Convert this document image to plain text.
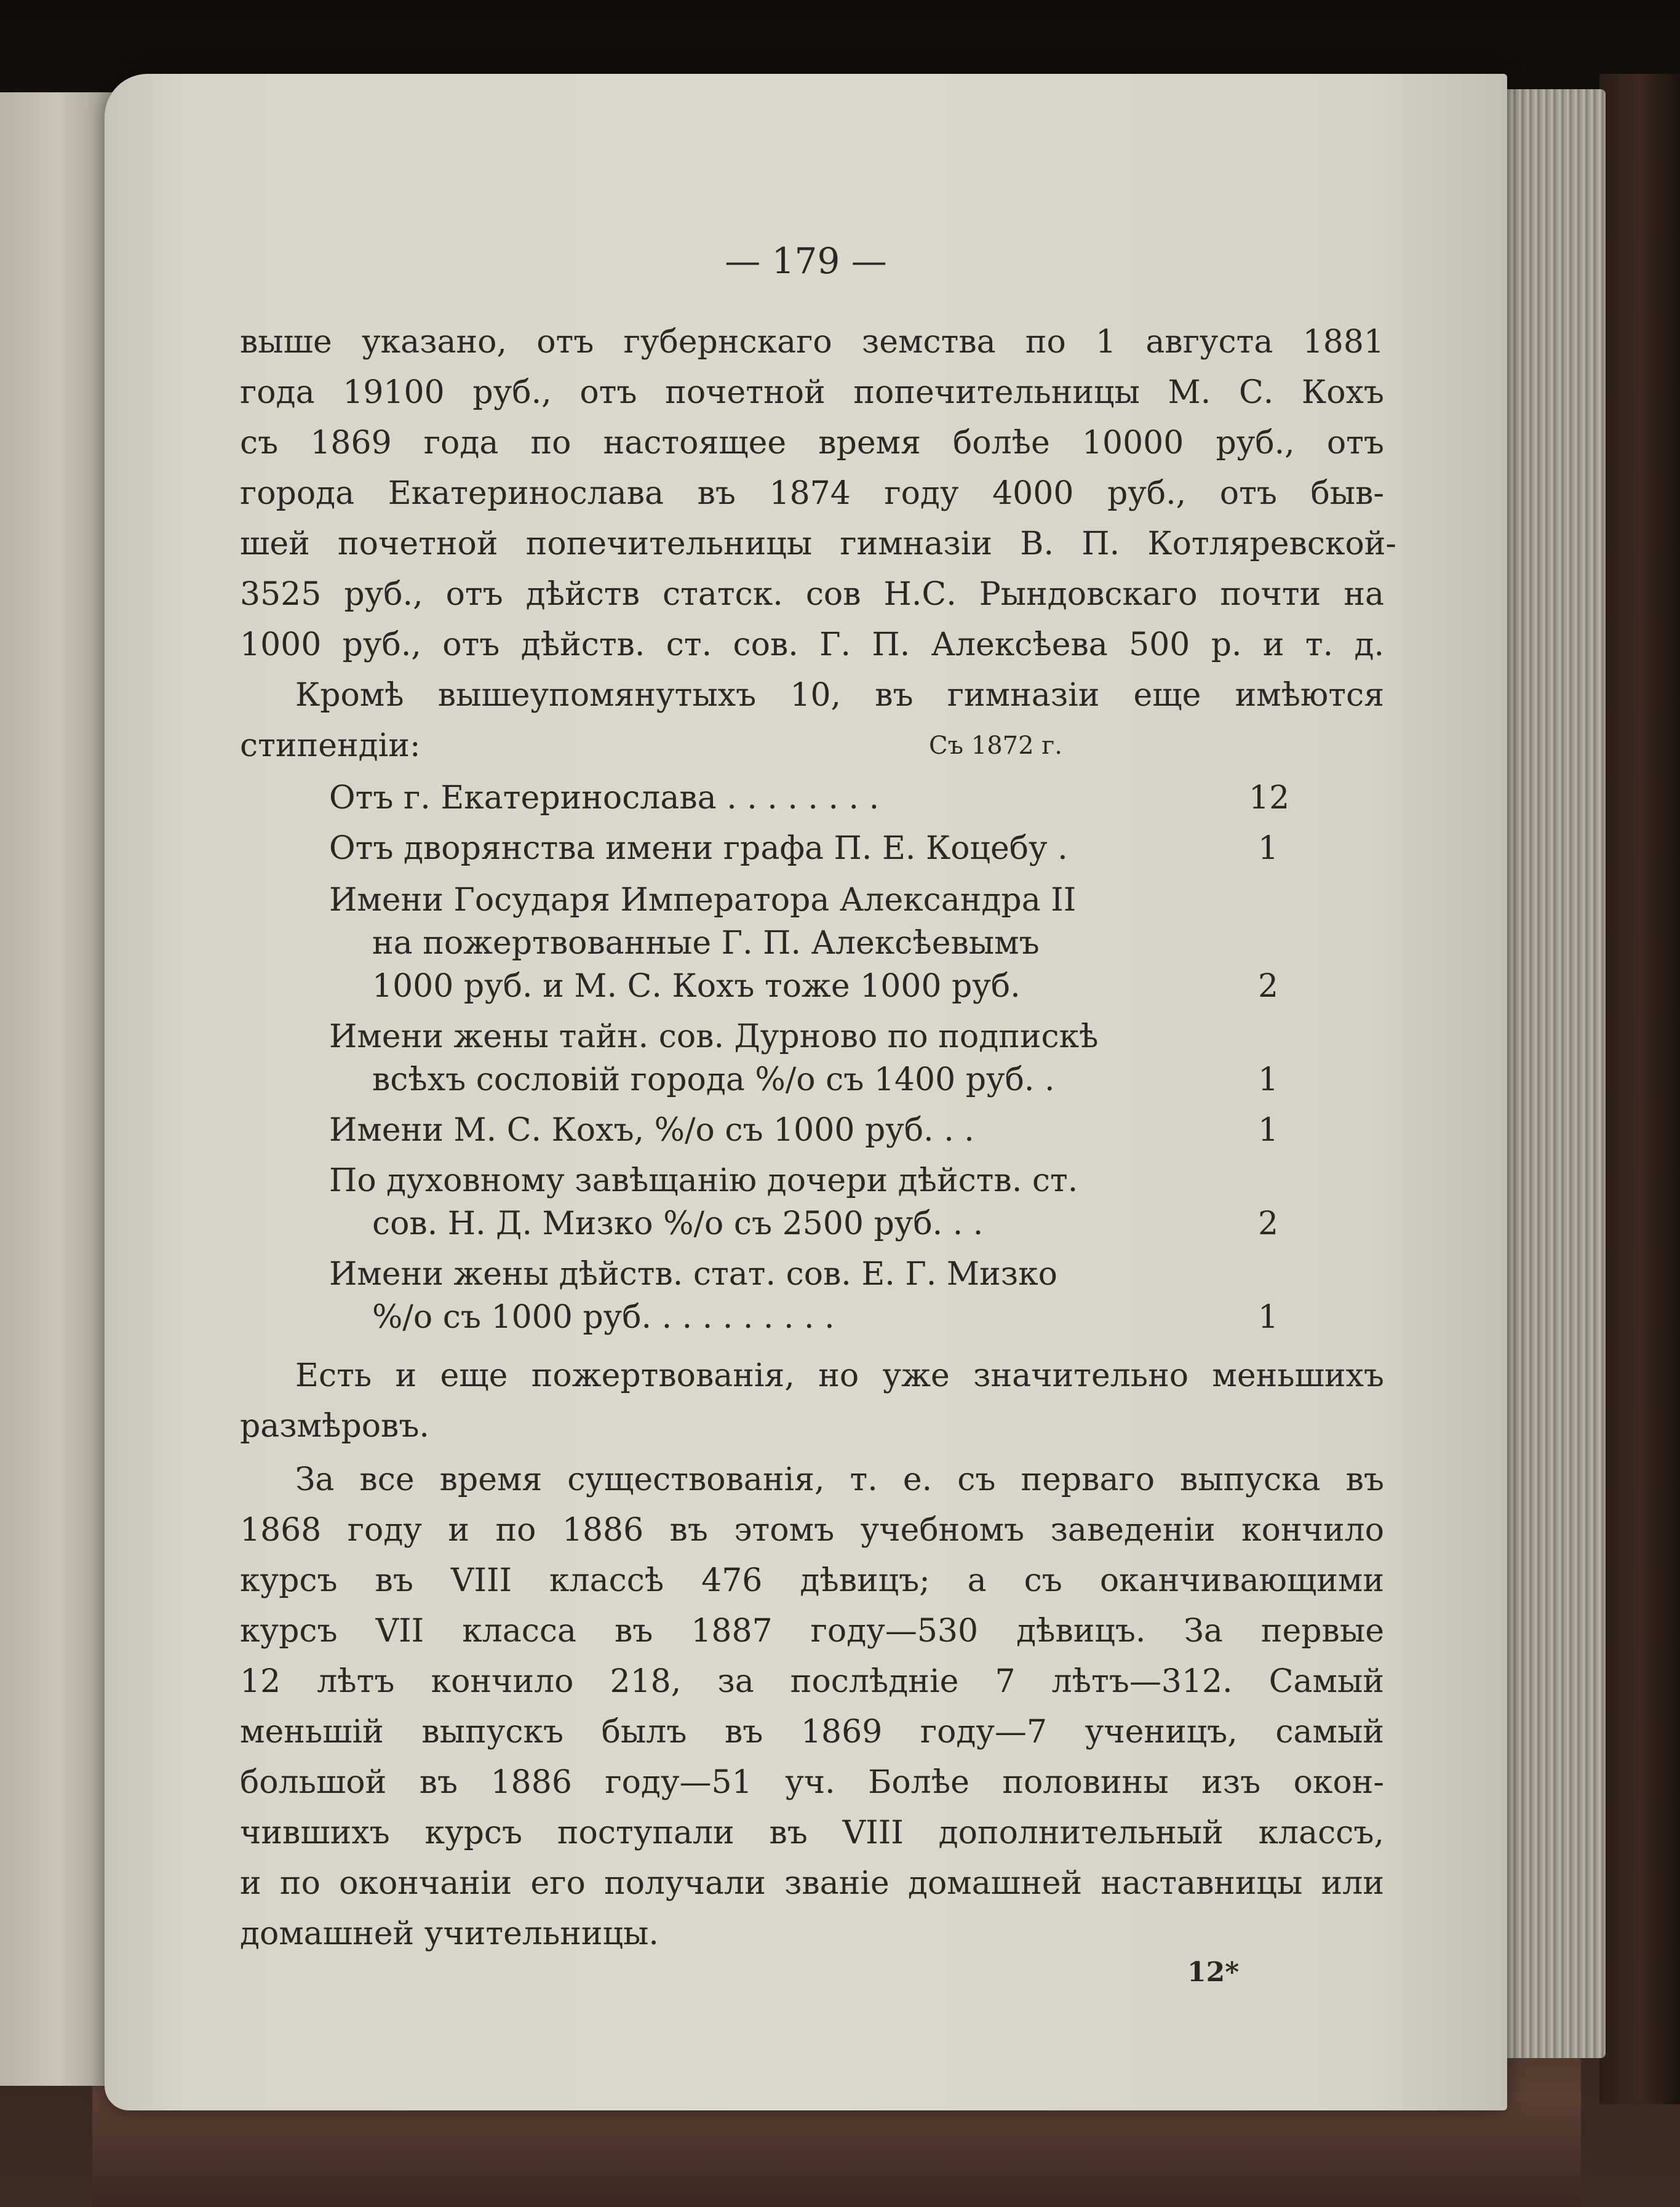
— 179 —
выше указано, отъ губернскаго земства по 1 августа 1881
года 19100 руб., отъ почетной попечительницы М. С. Кохъ
съ 1869 года по настоящее время болѣе 10000 руб., отъ
города Екатеринослава въ 1874 году 4000 руб., отъ быв-
шей почетной попечительницы гимназіи В. П. Котляревской-
3525 руб., отъ дѣйств статск. сов Н.С. Рындовскаго почти на
1000 руб., отъ дѣйств. ст. сов. Г. П. Алексѣева 500 р. и т. д.
Кромѣ вышеупомянутыхъ 10, въ гимназіи еще имѣются
стипендіи:	Съ 1872 г.
Отъ г. Екатеринослава . . . . . . . .	12
Отъ дворянства имени графа П. Е. Коцебу .	1
Имени Государя Императора Александра II
на пожертвованные Г. П. Алексѣевымъ
1000 руб. и М. С. Кохъ тоже 1000 руб.	2
Имени жены тайн. сов. Дурново по подпискѣ
всѣхъ сословій города %/о съ 1400 руб. .	1
Имени М. С. Кохъ, %/о съ 1000 руб. . .	1
По духовному завѣщанію дочери дѣйств. ст.
сов. Н. Д. Мизко %/о съ 2500 руб. . .	2
Имени жены дѣйств. стат. сов. Е. Г. Мизко
%/о съ 1000 руб. . . . . . . . . .	1
Есть и еще пожертвованія, но уже значительно меньшихъ
размѣровъ.
За все время существованія, т. е. съ перваго выпуска въ
1868 году и по 1886 въ этомъ учебномъ заведеніи кончило
курсъ въ VIII классѣ 476 дѣвицъ; а съ оканчивающими
курсъ VII класса въ 1887 году—530 дѣвицъ. За первые
12 лѣтъ кончило 218, за послѣдніе 7 лѣтъ—312. Самый
меньшій выпускъ былъ въ 1869 году—7 ученицъ, самый
большой въ 1886 году—51 уч. Болѣе половины изъ окон-
чившихъ курсъ поступали въ VIII дополнительный классъ,
и по окончаніи его получали званіе домашней наставницы или
домашней учительницы.
12*
